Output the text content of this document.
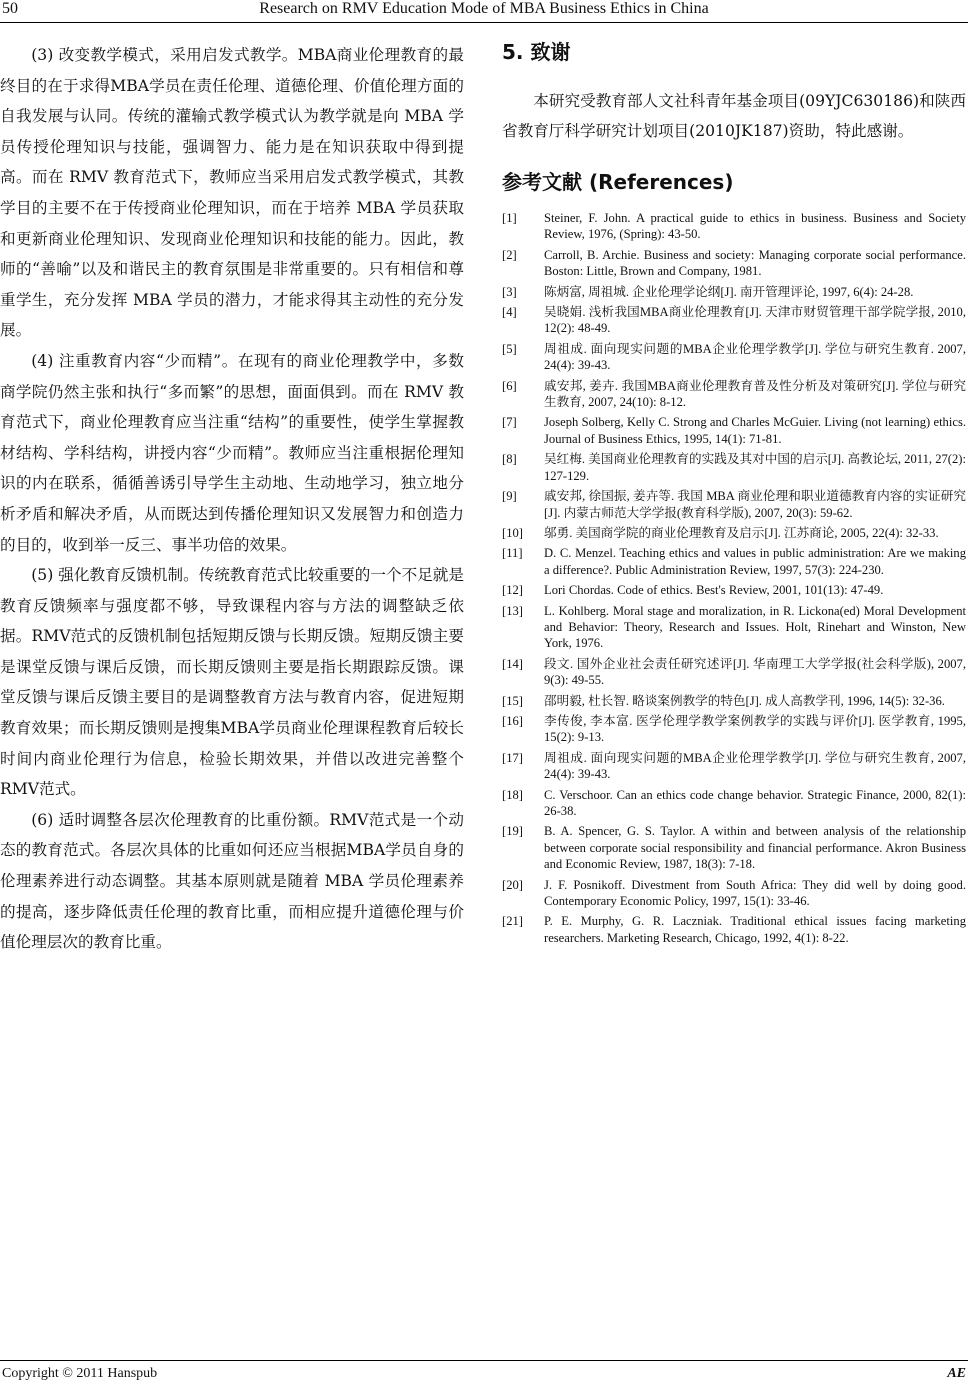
50	Research on RMV Education Mode of MBA Business Ethics in China

(3) 改变教学模式，采用启发式教学。MBA商业伦理教育的最终目的在于求得MBA学员在责任伦理、道德伦理、价值伦理方面的自我发展与认同。传统的灌输式教学模式认为教学就是向 MBA 学员传授伦理知识与技能，强调智力、能力是在知识获取中得到提高。而在 RMV 教育范式下，教师应当采用启发式教学模式，其教学目的主要不在于传授商业伦理知识，而在于培养 MBA 学员获取和更新商业伦理知识、发现商业伦理知识和技能的能力。因此，教师的“善喻”以及和谐民主的教育氛围是非常重要的。只有相信和尊重学生，充分发挥 MBA 学员的潜力，才能求得其主动性的充分发展。

(4) 注重教育内容“少而精”。在现有的商业伦理教学中，多数商学院仍然主张和执行“多而繁”的思想，面面俱到。而在 RMV 教育范式下，商业伦理教育应当注重“结构”的重要性，使学生掌握教材结构、学科结构，讲授内容“少而精”。教师应当注重根据伦理知识的内在联系，循循善诱引导学生主动地、生动地学习，独立地分析矛盾和解决矛盾，从而既达到传播伦理知识又发展智力和创造力的目的，收到举一反三、事半功倍的效果。

(5) 强化教育反馈机制。传统教育范式比较重要的一个不足就是教育反馈频率与强度都不够，导致课程内容与方法的调整缺乏依据。RMV范式的反馈机制包括短期反馈与长期反馈。短期反馈主要是课堂反馈与课后反馈，而长期反馈则主要是指长期跟踪反馈。课堂反馈与课后反馈主要目的是调整教育方法与教育内容，促进短期教育效果；而长期反馈则是搜集MBA学员商业伦理课程教育后较长时间内商业伦理行为信息，检验长期效果，并借以改进完善整个RMV范式。

(6) 适时调整各层次伦理教育的比重份额。RMV范式是一个动态的教育范式。各层次具体的比重如何还应当根据MBA学员自身的伦理素养进行动态调整。其基本原则就是随着 MBA 学员伦理素养的提高，逐步降低责任伦理的教育比重，而相应提升道德伦理与价值伦理层次的教育比重。

5. 致谢

本研究受教育部人文社科青年基金项目(09YJC630186)和陕西省教育厅科学研究计划项目(2010JK187)资助，特此感谢。

参考文献 (References)
[1] Steiner, F. John. A practical guide to ethics in business. Business and Society Review, 1976, (Spring): 43-50.
[2] Carroll, B. Archie. Business and society: Managing corporate social performance. Boston: Little, Brown and Company, 1981.
[3] 陈炳富, 周祖城. 企业伦理学论纲[J]. 南开管理评论, 1997, 6(4): 24-28.
[4] 吴晓娟. 浅析我国MBA商业伦理教育[J]. 天津市财贸管理干部学院学报, 2010, 12(2): 48-49.
[5] 周祖成. 面向现实问题的MBA企业伦理学教学[J]. 学位与研究生教育. 2007, 24(4): 39-43.
[6] 戚安邦, 姜卉. 我国MBA商业伦理教育普及性分析及对策研究[J]. 学位与研究生教育, 2007, 24(10): 8-12.
[7] Joseph Solberg, Kelly C. Strong and Charles McGuier. Living (not learning) ethics. Journal of Business Ethics, 1995, 14(1): 71-81.
[8] 吴红梅. 美国商业伦理教育的实践及其对中国的启示[J]. 高教论坛, 2011, 27(2): 127-129.
[9] 戚安邦, 徐国振, 姜卉等. 我国 MBA 商业伦理和职业道德教育内容的实证研究[J]. 内蒙古师范大学学报(教育科学版), 2007, 20(3): 59-62.
[10] 邬勇. 美国商学院的商业伦理教育及启示[J]. 江苏商论, 2005, 22(4): 32-33.
[11] D. C. Menzel. Teaching ethics and values in public administration: Are we making a difference?. Public Administration Review, 1997, 57(3): 224-230.
[12] Lori Chordas. Code of ethics. Best's Review, 2001, 101(13): 47-49.
[13] L. Kohlberg. Moral stage and moralization, in R. Lickona(ed) Moral Development and Behavior: Theory, Research and Issues. Holt, Rinehart and Winston, New York, 1976.
[14] 段文. 国外企业社会责任研究述评[J]. 华南理工大学学报(社会科学版), 2007, 9(3): 49-55.
[15] 邵明毅, 杜长智. 略谈案例教学的特色[J]. 成人高教学刊, 1996, 14(5): 32-36.
[16] 李传俊, 李本富. 医学伦理学教学案例教学的实践与评价[J]. 医学教育, 1995, 15(2): 9-13.
[17] 周祖成. 面向现实问题的MBA企业伦理学教学[J]. 学位与研究生教育, 2007, 24(4): 39-43.
[18] C. Verschoor. Can an ethics code change behavior. Strategic Finance, 2000, 82(1): 26-38.
[19] B. A. Spencer, G. S. Taylor. A within and between analysis of the relationship between corporate social responsibility and financial performance. Akron Business and Economic Review, 1987, 18(3): 7-18.
[20] J. F. Posnikoff. Divestment from South Africa: They did well by doing good. Contemporary Economic Policy, 1997, 15(1): 33-46.
[21] P. E. Murphy, G. R. Laczniak. Traditional ethical issues facing marketing researchers. Marketing Research, Chicago, 1992, 4(1): 8-22.
Copyright © 2011 Hanspub	AE
